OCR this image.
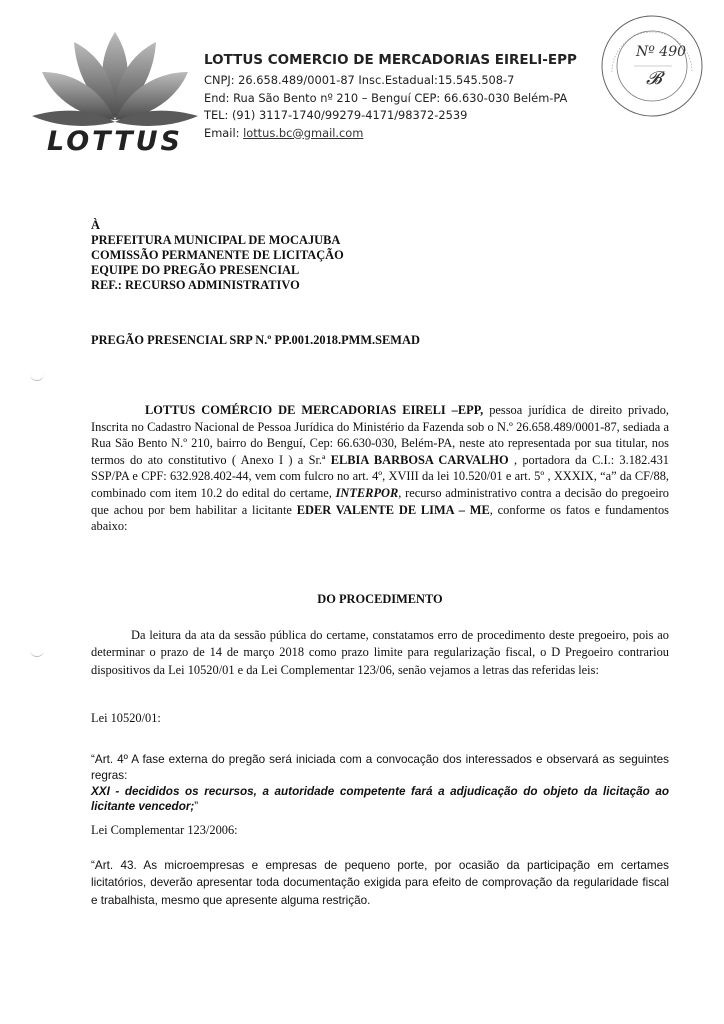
LOTTUS
LOTTUS COMERCIO DE MERCADORIAS EIRELI-EPP
CNPJ: 26.658.489/0001-87 Insc.Estadual:15.545.508-7
End: Rua São Bento nº 210 – Benguí CEP: 66.630-030 Belém-PA
TEL: (91) 3117-1740/99279-4171/98372-2539
Email: lottus.bc@gmail.com
Nº 490
𝓑
À
PREFEITURA MUNICIPAL DE MOCAJUBA
COMISSÃO PERMANENTE DE LICITAÇÃO
EQUIPE DO PREGÃO PRESENCIAL
REF.: RECURSO ADMINISTRATIVO
PREGÃO PRESENCIAL SRP N.º PP.001.2018.PMM.SEMAD

LOTTUS COMÉRCIO DE MERCADORIAS EIRELI –EPP, pessoa jurídica de direito privado, Inscrita no Cadastro Nacional de Pessoa Jurídica do Ministério da Fazenda sob o N.º 26.658.489/0001-87, sediada a Rua São Bento N.º 210, bairro do Benguí, Cep: 66.630-030, Belém-PA, neste ato representada por sua titular, nos termos do ato constitutivo ( Anexo I ) a Sr.ª ELBIA BARBOSA CARVALHO , portadora da C.I.: 3.182.431 SSP/PA e CPF: 632.928.402-44, vem com fulcro no art. 4º, XVIII da lei 10.520/01 e art. 5º , XXXIX, “a” da CF/88, combinado com item 10.2 do edital do certame, INTERPOR, recurso administrativo contra a decisão do pregoeiro que achou por bem habilitar a licitante EDER VALENTE DE LIMA – ME, conforme os fatos e fundamentos abaixo:

DO PROCEDIMENTO

Da leitura da ata da sessão pública do certame, constatamos erro de procedimento deste pregoeiro, pois ao determinar o prazo de 14 de março 2018 como prazo limite para regularização fiscal, o D Pregoeiro contrariou dispositivos da Lei 10520/01 e da Lei Complementar 123/06, senão vejamos a letras das referidas leis:

Lei 10520/01:

“Art. 4º A fase externa do pregão será iniciada com a convocação dos interessados e observará as seguintes regras:
XXI - decididos os recursos, a autoridade competente fará a adjudicação do objeto da licitação ao licitante vencedor;”

Lei Complementar 123/2006:

“Art. 43. As microempresas e empresas de pequeno porte, por ocasião da participação em certames licitatórios, deverão apresentar toda documentação exigida para efeito de comprovação da regularidade fiscal e trabalhista, mesmo que apresente alguma restrição.
